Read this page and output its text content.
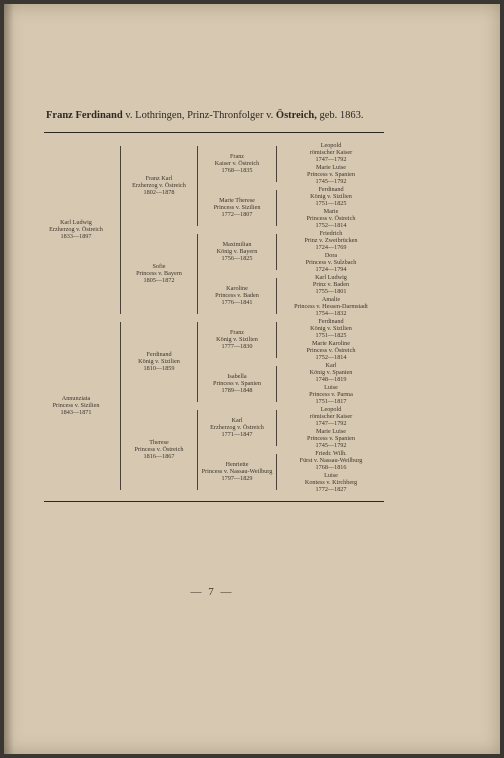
Franz Ferdinand v. Lothringen, Prinz-Thronfolger v. Östreich, geb. 1863.
Karl Ludwig
Erzherzog v. Östreich
1833—1897
Annunziata
Princess v. Sizilien
1843—1871
Franz Karl
Erzherzog v. Östreich
1802—1878
Sofie
Princess v. Bayern
1805—1872
Ferdinand
König v. Sizilien
1810—1859
Therese
Princess v. Östreich
1816—1867
Franz
Kaiser v. Östreich
1768—1835
Marie Therese
Princess v. Sizilien
1772—1807
Maximilian
König v. Bayern
1756—1825
Karoline
Princess v. Baden
1776—1841
Franz
König v. Sizilien
1777—1830
Isabella
Princess v. Spanien
1789—1848
Karl
Erzherzog v. Östreich
1771—1847
Henriette
Princess v. Nassau-Weilburg
1797—1829
Leopold
römischer Kaiser
1747—1792
Marie Luise
Princess v. Spanien
1745—1792
Ferdinand
König v. Sizilien
1751—1825
Marie
Princess v. Östreich
1752—1814
Friedrich
Prinz v. Zweibrücken
1724—1769
Dora
Princess v. Sulzbach
1724—1794
Karl Ludwig
Prinz v. Baden
1755—1801
Amalie
Princess v. Hessen-Darmstadt
1754—1832
Ferdinand
König v. Sizilien
1751—1825
Marie Karoline
Princess v. Östreich
1752—1814
Karl
König v. Spanien
1748—1819
Luise
Princess v. Parma
1751—1817
Leopold
römischer Kaiser
1747—1792
Marie Luise
Princess v. Spanien
1745—1792
Friedr. Wilh.
Fürst v. Nassau-Weilburg
1768—1816
Luise
Kontess v. Kirchberg
1772—1827
— 7 —
